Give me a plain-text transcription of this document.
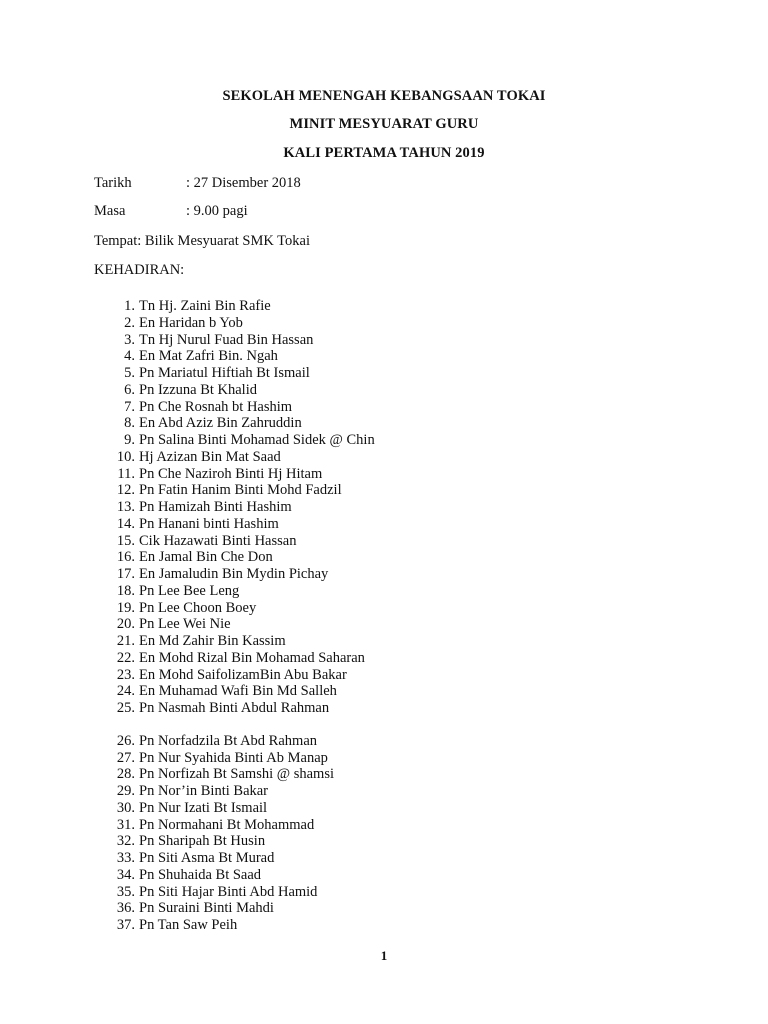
SEKOLAH MENENGAH KEBANGSAAN TOKAI
MINIT MESYUARAT GURU
KALI PERTAMA TAHUN 2019
Tarikh	: 27 Disember 2018
Masa	: 9.00 pagi
Tempat: Bilik Mesyuarat SMK Tokai
KEHADIRAN:
1. Tn Hj. Zaini Bin Rafie
2. En Haridan b Yob
3. Tn Hj Nurul Fuad Bin Hassan
4. En Mat Zafri Bin. Ngah
5. Pn Mariatul Hiftiah Bt Ismail
6. Pn Izzuna Bt Khalid
7. Pn Che Rosnah bt Hashim
8. En Abd Aziz Bin Zahruddin
9. Pn Salina Binti Mohamad Sidek @ Chin
10. Hj Azizan Bin Mat Saad
11. Pn Che Naziroh Binti Hj Hitam
12. Pn Fatin Hanim Binti Mohd Fadzil
13. Pn Hamizah Binti Hashim
14. Pn Hanani binti Hashim
15. Cik Hazawati Binti Hassan
16. En Jamal Bin Che Don
17. En Jamaludin Bin Mydin Pichay
18. Pn Lee Bee Leng
19. Pn Lee Choon Boey
20. Pn Lee Wei Nie
21. En Md Zahir Bin Kassim
22. En Mohd Rizal Bin Mohamad Saharan
23. En Mohd SaifolizamBin Abu Bakar
24. En Muhamad Wafi Bin Md Salleh
25. Pn Nasmah Binti Abdul Rahman
26. Pn Norfadzila Bt Abd Rahman
27. Pn Nur Syahida Binti Ab Manap
28. Pn Norfizah Bt Samshi @ shamsi
29. Pn Nor’in Binti Bakar
30. Pn Nur Izati Bt Ismail
31. Pn Normahani Bt Mohammad
32. Pn Sharipah Bt Husin
33. Pn Siti Asma Bt Murad
34. Pn Shuhaida Bt Saad
35. Pn Siti Hajar Binti Abd Hamid
36. Pn Suraini Binti Mahdi
37. Pn Tan Saw Peih
1
